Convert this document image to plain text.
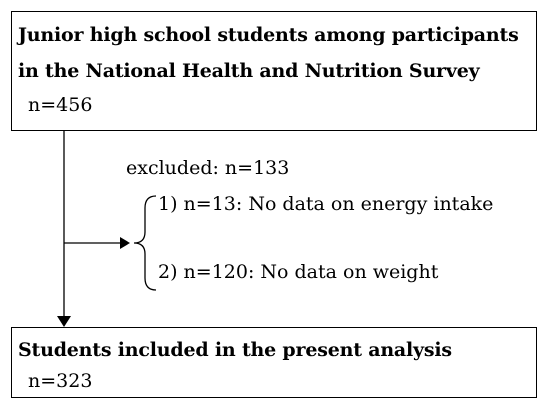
Junior high school students among participants
in the National Health and Nutrition Survey
n=456
excluded: n=133
1) n=13: No data on energy intake
2) n=120: No data on weight
Students included in the present analysis
n=323
